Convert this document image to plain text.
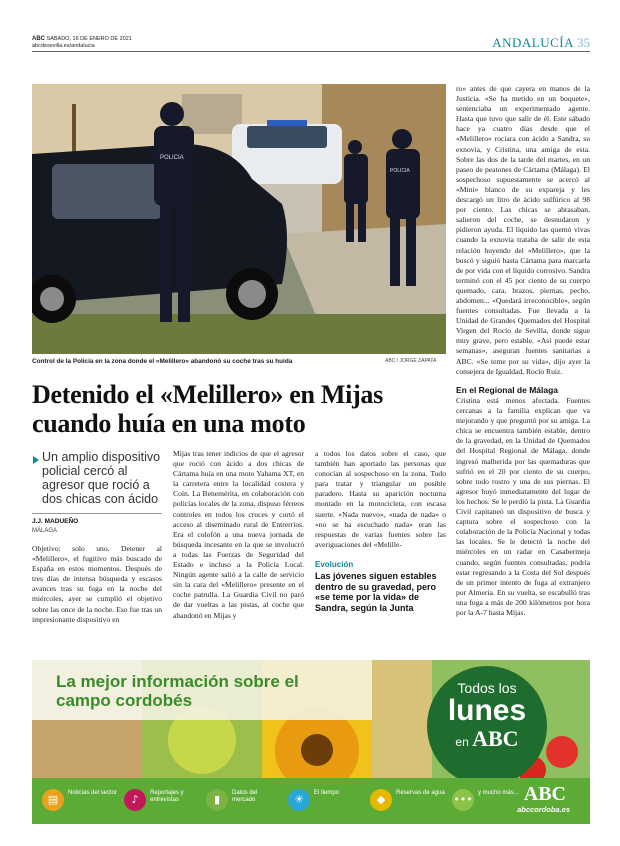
ABC SÁBADO, 16 DE ENERO DE 2021
abcdesevilla.es/andalucia	ANDALUCÍA 35
POLICIA
POLICIA
Control de la Policía en la zona donde el «Melillero» abandonó su coche tras su huida	ABC / JORGE ZAPATA
Detenido el «Melillero» en Mijas cuando huía en una moto
Un amplio dispositivo policial cercó al agresor que roció a dos chicas con ácido
J.J. MADUEÑO
MÁLAGA
Objetivo: solo uno. Detener al «Melillero», el fugitivo más buscado de España en estos momentos. Después de tres días de intensa búsqueda y escasos avances tras su fuga en la noche del miércoles, ayer se cumplió el objetivo sobre las once de la noche. Eso fue tras un impresionante dispositivo en
Mijas tras tener indicios de que el agresor que roció con ácido a dos chicas de Cártama huía en una moto Yahama XT, en la carretera entre la localidad costera y Coín. La Benemérita, en colaboración con policías locales de la zona, dispuso férreos controles en todos los cruces y cortó el acceso al diseminado rural de Entrerríos. Era el colofón a una nueva jornada de búsqueda incesante en la que se involucró a todas las Fuerzas de Seguridad del Estado e incluso a la Policía Local. Ningún agente salió a la calle de servicio sin la cara del «Melillero» presente en el coche patrulla. La Guardia Civil no paró de dar vueltas a las pistas, al coche que abandonó en Mijas y
a todos los datos sobre el caso, que también han aportado las personas que conocían al sospechoso en la zona. Todo para tratar y triangular un posible paradero. Hasta su aparición nocturna montado en la motocicleta, con escasa suerte. «Nada nuevo», «nada de nada» o «no se ha escuchado nada» eran las respuestas de varias fuentes sobre las averiguaciones del «Melille-
Evolución
Las jóvenes siguen estables dentro de su gravedad, pero «se teme por la vida» de Sandra, según la Junta
ro» antes de que cayera en manos de la Justicia. «Se ha metido en un boquete», sentenciaba un experimentado agente. Hasta que tuvo que salir de él. Este sábado hace ya cuatro días desde que el «Melillero» rociara con ácido a Sandra, su exnovia, y Cristina, una amiga de esta. Sobre las dos de la tarde del martes, en un paseo de peatones de Cártama (Málaga). El sospechoso supuestamente se acercó al «Mini» blanco de su expareja y les descargó un litro de ácido sulfúrico al 98 por ciento. Las chicas se abrasaban, salieron del coche, se desnudaron y pidieron ayuda. El líquido las quemó vivas cuando la exnovia trataba de salir de esta relación huyendo del «Melillero», que la buscó y siguió hasta Cártama para marcarla de por vida con el líquido corrosivo. Sandra terminó con el 45 por ciento de su cuerpo quemado, cara, brazos, piernas, pecho, abdomen... «Quedará irreconocible», según fuentes consultadas. Fue llevada a la Unidad de Grandes Quemados del Hospital Virgen del Rocío de Sevilla, donde sigue muy grave, pero estable. «Así puede estar semanas», aseguran fuentes sanitarias a ABC. «Se teme por su vida», dijo ayer la consejera de Igualdad, Rocío Ruiz.
En el Regional de Málaga
Cristina está menos afectada. Fuentes cercanas a la familia explican que va mejorando y que preguntó por su amiga. La chica se encuentra también estable, dentro de la gravedad, en la Unidad de Quemados del Hospital Regional de Málaga, donde ingresó malherida por las quemaduras que sufrió en el 20 por ciento de su cuerpo, sobre todo rostro y una de sus piernas. El agresor huyó inmediatamente del lugar de los hechos. Se le perdió la pista. La Guardia Civil capitaneó un dispositivo de busca y captura sobre el sospechoso con la colaboración de la Policía Nacional y todas las locales. Se le detectó la noche del miércoles en un radar en Casabermeja cuando, según fuentes consultadas, podría estar regresando a la Costa del Sol después de un primer intento de fuga al extranjero por Almería. En su vuelta, se escabulló tras una fuga a más de 200 kilómetros por hora por la A-7 hasta Mijas.
La mejor información sobre el campo cordobés
Todos los
lunes
en ABC
▤	Noticias del sector	♪	Reportajes y entrevistas	▮	Datos del mercado	☀	El tiempo	◆	Reservas de agua ••• y mucho más... ABC
abccordoba.es
